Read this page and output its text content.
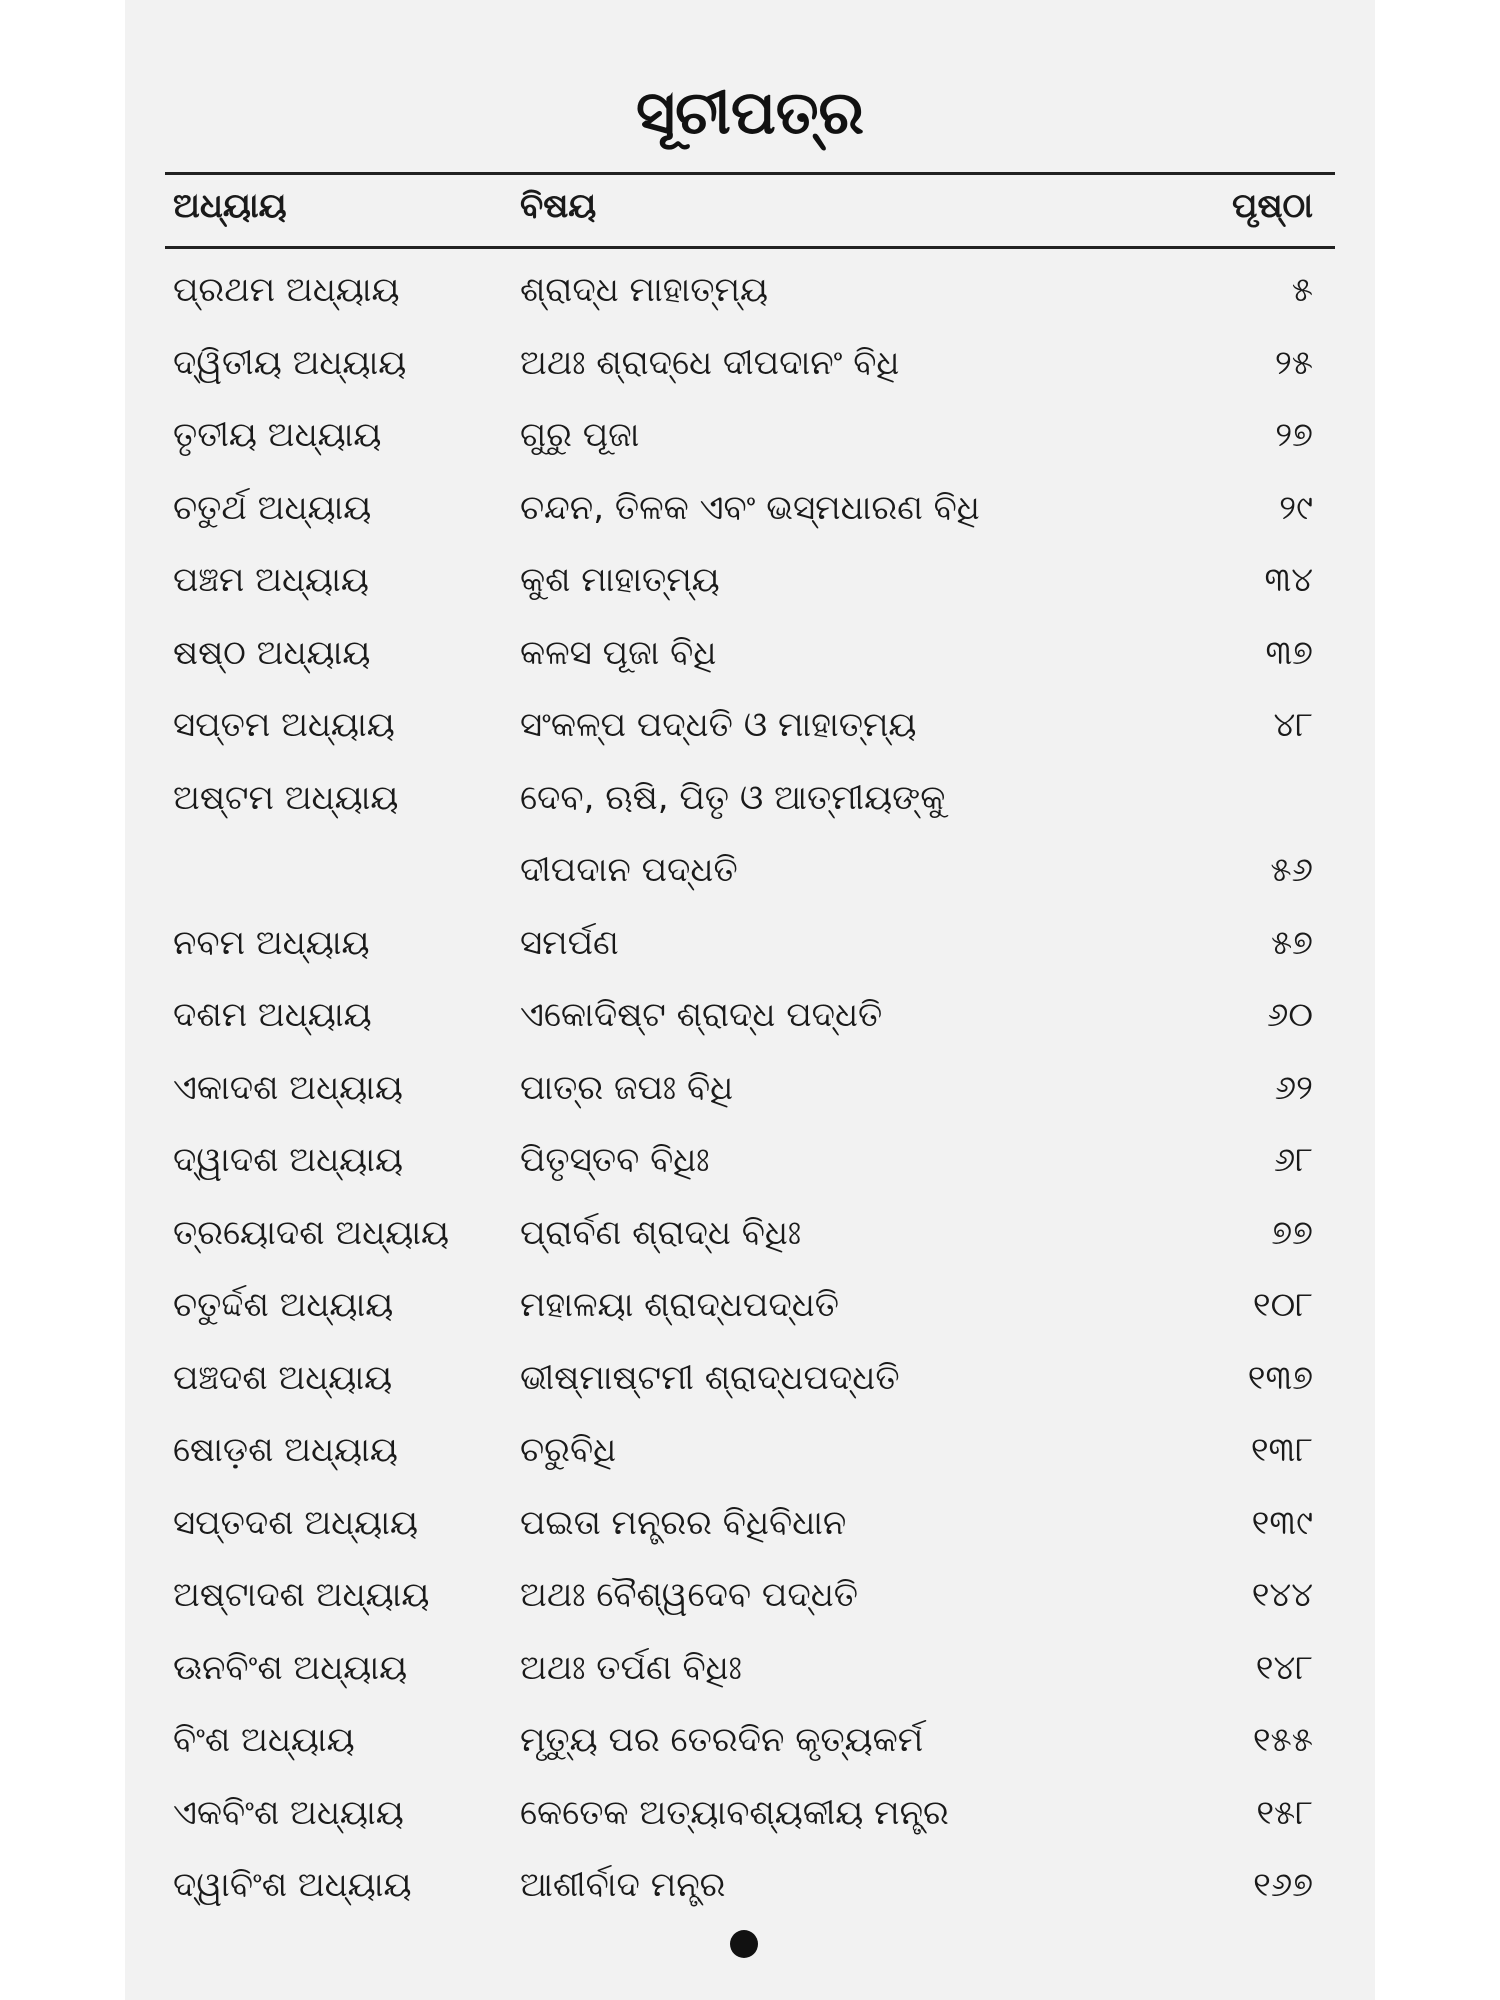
ସୂଚୀପତ୍ର
ଅଧ୍ୟାୟ	ବିଷୟ	ପୃଷ୍ଠା
ପ୍ରଥମ ଅଧ୍ୟାୟ	ଶ୍ରାଦ୍ଧ ମାହାତ୍ମ୍ୟ	୫
ଦ୍ୱିତୀୟ ଅଧ୍ୟାୟ	ଅଥଃ ଶ୍ରାଦ୍ଧେ ଦୀପଦାନଂ ବିଧି	୨୫
ତୃତୀୟ ଅଧ୍ୟାୟ	ଗୁରୁ ପୂଜା	୨୭
ଚତୁର୍ଥ ଅଧ୍ୟାୟ	ଚନ୍ଦନ, ତିଳକ ଏବଂ ଭସ୍ମଧାରଣ ବିଧି	୨୯
ପଞ୍ଚମ ଅଧ୍ୟାୟ	କୁଶ ମାହାତ୍ମ୍ୟ	୩୪
ଷଷ୍ଠ ଅଧ୍ୟାୟ	କଳସ ପୂଜା ବିଧି	୩୭
ସପ୍ତମ ଅଧ୍ୟାୟ	ସଂକଳ୍ପ ପଦ୍ଧତି ଓ ମାହାତ୍ମ୍ୟ	୪୮
ଅଷ୍ଟମ ଅଧ୍ୟାୟ	ଦେବ, ଋଷି, ପିତୃ ଓ ଆତ୍ମୀୟଙ୍କୁ
ଦୀପଦାନ ପଦ୍ଧତି	୫୬
ନବମ ଅଧ୍ୟାୟ	ସମର୍ପଣ	୫୭
ଦଶମ ଅଧ୍ୟାୟ	ଏକୋଦିଷ୍ଟ ଶ୍ରାଦ୍ଧ ପଦ୍ଧତି	୬୦
ଏକାଦଶ ଅଧ୍ୟାୟ	ପାତ୍ର ଜପଃ ବିଧି	୬୨
ଦ୍ୱାଦଶ ଅଧ୍ୟାୟ	ପିତୃସ୍ତବ ବିଧିଃ	୬୮
ତ୍ରୟୋଦଶ ଅଧ୍ୟାୟ ପ୍ରାର୍ବଣ ଶ୍ରାଦ୍ଧ ବିଧିଃ	୭୭
ଚତୁର୍ଦ୍ଦଶ ଅଧ୍ୟାୟ	ମହାଳୟା ଶ୍ରାଦ୍ଧପଦ୍ଧତି	୧୦୮
ପଞ୍ଚଦଶ ଅଧ୍ୟାୟ	ଭୀଷ୍ମାଷ୍ଟମୀ ଶ୍ରାଦ୍ଧପଦ୍ଧତି	୧୩୭
ଷୋଡ଼ଶ ଅଧ୍ୟାୟ	ଚରୁବିଧି	୧୩୮
ସପ୍ତଦଶ ଅଧ୍ୟାୟ	ପଇତା ମନ୍ତ୍ରର ବିଧିବିଧାନ	୧୩୯
ଅଷ୍ଟାଦଶ ଅଧ୍ୟାୟ	ଅଥଃ ବୈଶ୍ୱଦେବ ପଦ୍ଧତି	୧୪୪
ଊନବିଂଶ ଅଧ୍ୟାୟ	ଅଥଃ ତର୍ପଣ ବିଧିଃ	୧୪୮
ବିଂଶ ଅଧ୍ୟାୟ	ମୃତ୍ୟୁ ପର ତେରଦିନ କୃତ୍ୟକର୍ମ	୧୫୫
ଏକବିଂଶ ଅଧ୍ୟାୟ	କେତେକ ଅତ୍ୟାବଶ୍ୟକୀୟ ମନ୍ତ୍ର	୧୫୮
ଦ୍ୱାବିଂଶ ଅଧ୍ୟାୟ	ଆଶୀର୍ବାଦ ମନ୍ତ୍ର	୧୬୭
